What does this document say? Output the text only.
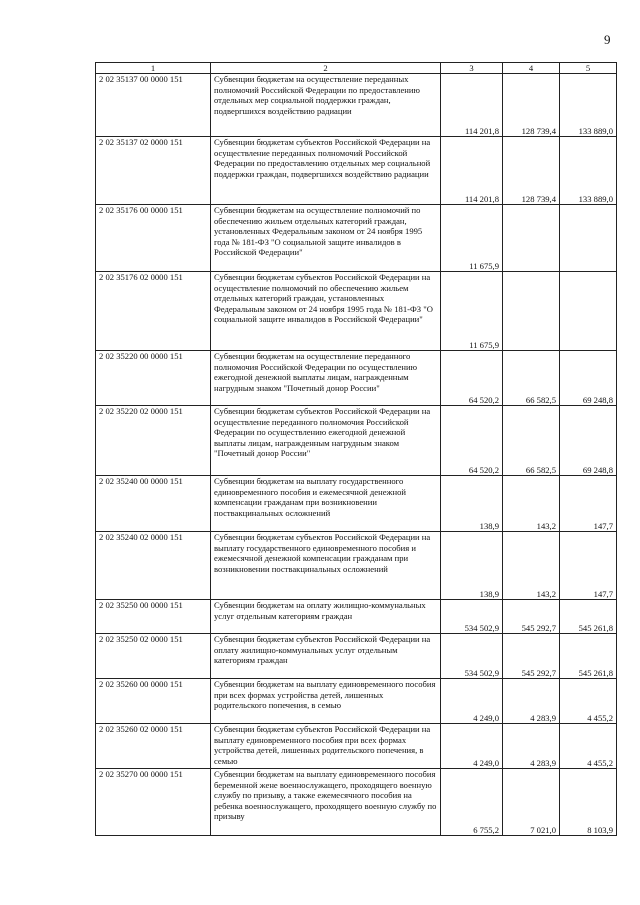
9
1	2	3	4	5
2 02 35137 00 0000 151	Субвенции бюджетам на осуществление переданных полномочий Российской Федерации по предоставлению отдельных мер социальной поддержки граждан, подвергшихся воздействию радиации	114 201,8	128 739,4	133 889,0
2 02 35137 02 0000 151	Субвенции бюджетам субъектов Российской Федерации на осуществление переданных полномочий Российской Федерации по предоставлению отдельных мер социальной поддержки граждан, подвергшихся воздействию радиации	114 201,8	128 739,4	133 889,0
2 02 35176 00 0000 151	Субвенции бюджетам на осуществление полномочий по обеспечению жильем отдельных категорий граждан, установленных Федеральным законом от 24 ноября 1995 года № 181-ФЗ "О социальной защите инвалидов в Российской Федерации"	11 675,9		
2 02 35176 02 0000 151	Субвенции бюджетам субъектов Российской Федерации на осуществление полномочий по обеспечению жильем отдельных категорий граждан, установленных Федеральным законом от 24 ноября 1995 года № 181-ФЗ "О социальной защите инвалидов в Российской Федерации"	11 675,9		
2 02 35220 00 0000 151	Субвенции бюджетам на осуществление переданного полномочия Российской Федерации по осуществлению ежегодной денежной выплаты лицам, награжденным нагрудным знаком "Почетный донор России"	64 520,2	66 582,5	69 248,8
2 02 35220 02 0000 151	Субвенции бюджетам субъектов Российской Федерации на осуществление переданного полномочия Российской Федерации по осуществлению ежегодной денежной выплаты лицам, награжденным нагрудным знаком "Почетный донор России"	64 520,2	66 582,5	69 248,8
2 02 35240 00 0000 151	Субвенции бюджетам на выплату государственного единовременного пособия и ежемесячной денежной компенсации гражданам при возникновении поствакцинальных осложнений	138,9	143,2	147,7
2 02 35240 02 0000 151	Субвенции бюджетам субъектов Российской Федерации на выплату государственного единовременного пособия и ежемесячной денежной компенсации гражданам при возникновении поствакцинальных осложнений	138,9	143,2	147,7
2 02 35250 00 0000 151	Субвенции бюджетам на оплату жилищно-коммунальных услуг отдельным категориям граждан	534 502,9	545 292,7	545 261,8
2 02 35250 02 0000 151	Субвенции бюджетам субъектов Российской Федерации на оплату жилищно-коммунальных услуг отдельным категориям граждан	534 502,9	545 292,7	545 261,8
2 02 35260 00 0000 151	Субвенции бюджетам на выплату единовременного пособия при всех формах устройства детей, лишенных родительского попечения, в семью	4 249,0	4 283,9	4 455,2
2 02 35260 02 0000 151	Субвенции бюджетам субъектов Российской Федерации на выплату единовременного пособия при всех формах устройства детей, лишенных родительского попечения, в семью	4 249,0	4 283,9	4 455,2
2 02 35270 00 0000 151	Субвенции бюджетам на выплату единовременного пособия беременной жене военнослужащего, проходящего военную службу по призыву, а также ежемесячного пособия на ребенка военнослужащего, проходящего военную службу по призыву	6 755,2	7 021,0	8 103,9
